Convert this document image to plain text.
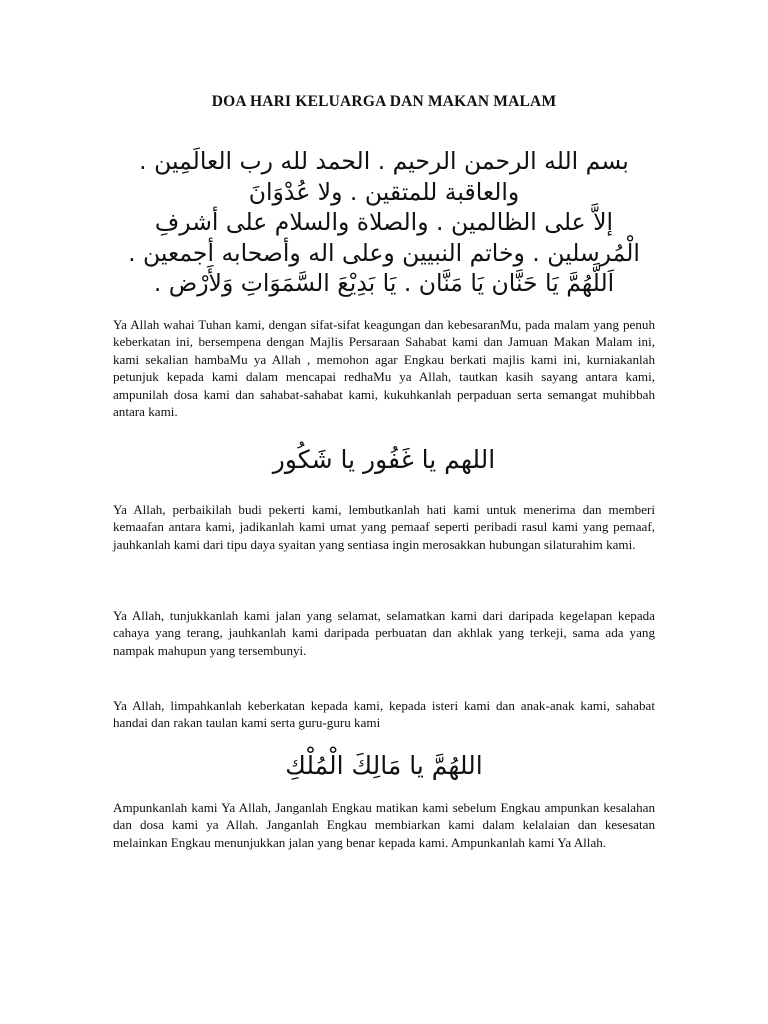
DOA HARI KELUARGA DAN MAKAN MALAM
بسم الله الرحمن الرحيم . الحمد لله رب العالَمِين .
والعاقبة للمتقين . ولا عُدْوَانَ
إلاَّ على الظالمين . والصلاة والسلام على أشرفِ
الْمُرسلين . وخاتم النبيين وعلى اله وأصحابه أجمعين .
اَللَّهُمَّ يَا حَنَّان يَا مَنَّان . يَا بَدِيْعَ السَّمَوَاتِ وَلأَرْض .

Ya Allah wahai Tuhan kami, dengan sifat-sifat keagungan dan kebesaranMu, pada malam yang penuh keberkatan ini, bersempena dengan Majlis Persaraan Sahabat kami dan Jamuan Makan Malam ini, kami sekalian hambaMu ya Allah , memohon agar Engkau berkati majlis kami ini, kurniakanlah petunjuk kepada kami dalam mencapai redhaMu ya Allah, tautkan kasih sayang antara kami, ampunilah dosa kami dan sahabat-sahabat kami, kukuhkanlah perpaduan serta semangat muhibbah antara kami.

اللهم يا غَفُور يا شَكُور

Ya Allah, perbaikilah budi pekerti kami, lembutkanlah hati kami untuk menerima dan memberi kemaafan antara kami, jadikanlah kami umat yang pemaaf seperti peribadi rasul kami yang pemaaf, jauhkanlah kami dari tipu daya syaitan yang sentiasa ingin merosakkan hubungan silaturahim kami.

Ya Allah, tunjukkanlah kami jalan yang selamat, selamatkan kami dari daripada kegelapan kepada cahaya yang terang, jauhkanlah kami daripada perbuatan dan akhlak yang terkeji, sama ada yang nampak mahupun yang tersembunyi.

Ya Allah, limpahkanlah keberkatan kepada kami, kepada isteri kami dan anak-anak kami, sahabat handai dan rakan taulan kami serta guru-guru kami

اللهُمَّ يا مَالِكَ الْمُلْكِ

Ampunkanlah kami Ya Allah, Janganlah Engkau matikan kami sebelum Engkau ampunkan kesalahan dan dosa kami ya Allah. Janganlah Engkau membiarkan kami dalam kelalaian dan kesesatan melainkan Engkau menunjukkan jalan yang benar kepada kami. Ampunkanlah kami Ya Allah.
